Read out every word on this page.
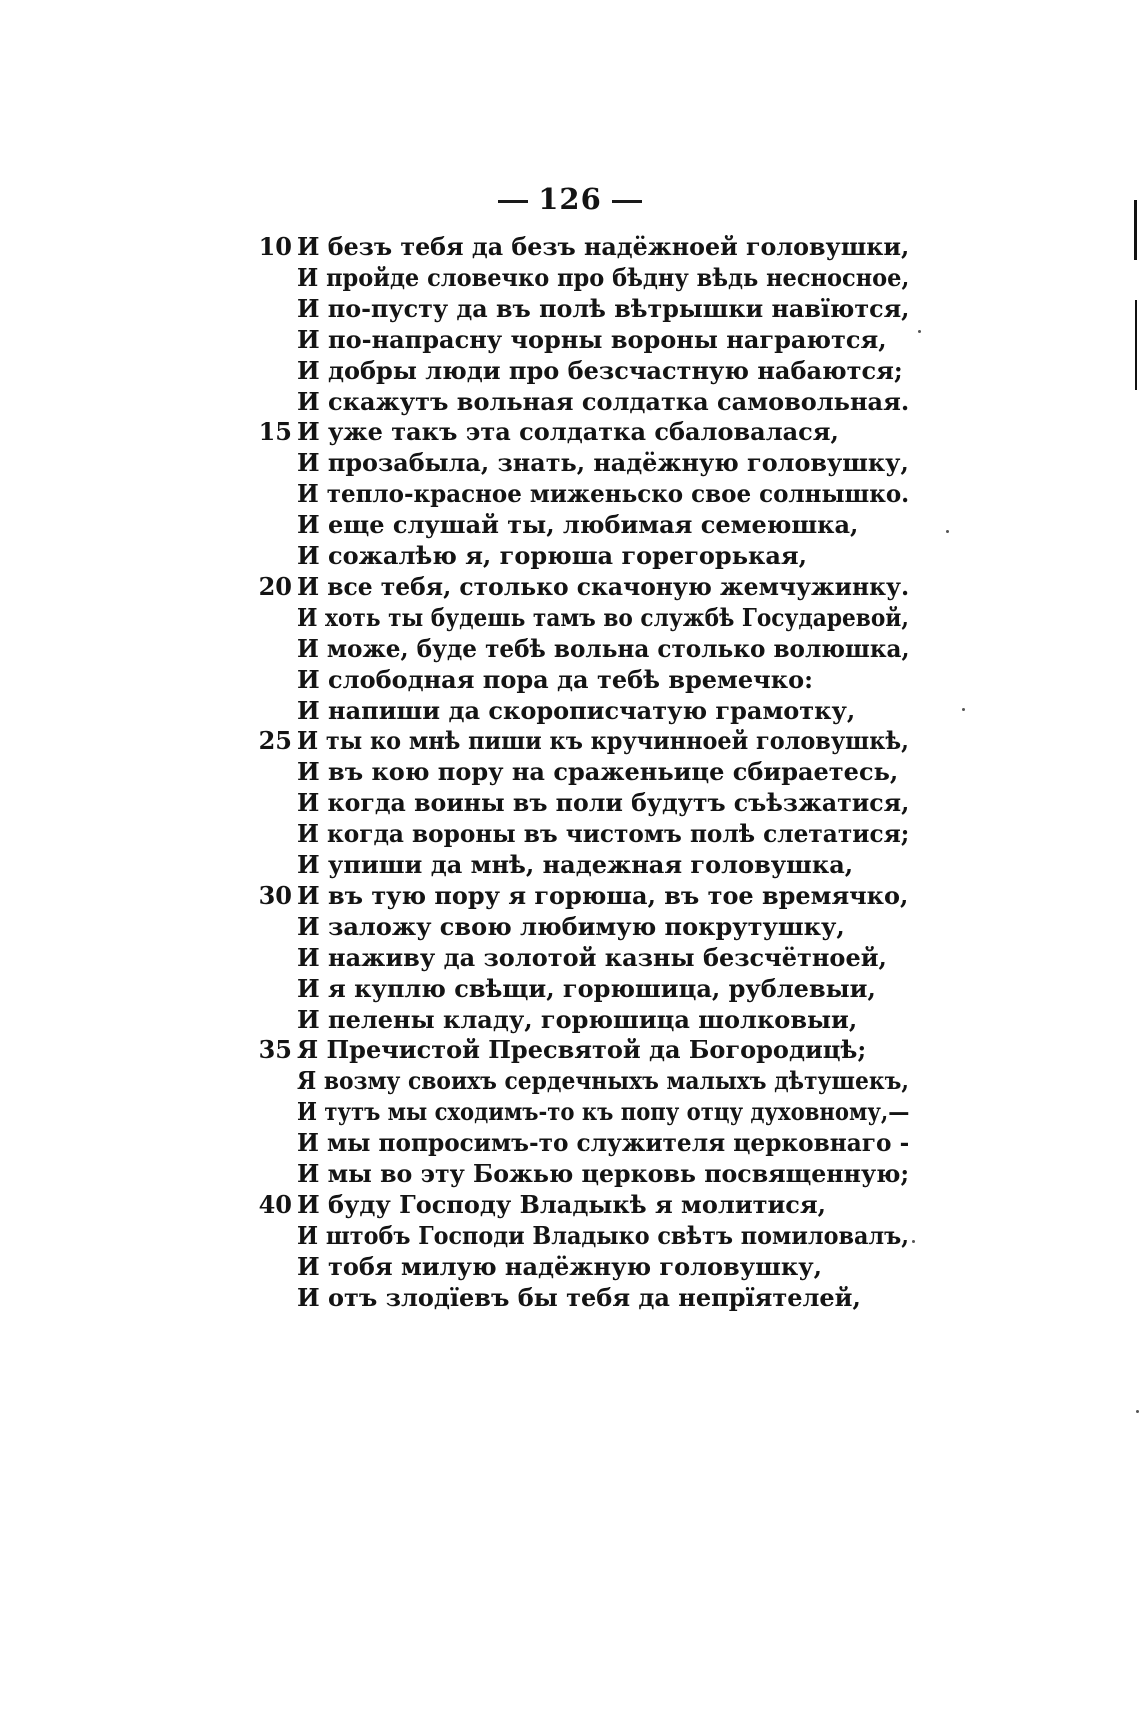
126
10 И безъ тебя да безъ надёжноей головушки,
И пройде словечко про бѣдну вѣдь несносное,
И по-пусту да въ полѣ вѣтрышки навїются,
И по-напрасну чорны вороны награются,
И добры люди про безсчастную набаются;
И скажутъ вольная солдатка самовольная.
15 И уже такъ эта солдатка сбаловалася,
И прозабыла, знать, надёжную головушку,
И тепло-красное миженьско свое солнышко.
И еще слушай ты, любимая семеюшка,
И сожалѣю я, горюша горегорькая,
20 И все тебя, столько скачоную жемчужинку.
И хоть ты будешь тамъ во службѣ Государевой,
И може, буде тебѣ вольна столько волюшка,
И слободная пора да тебѣ времечко:
И напиши да скорописчатую грамотку,
25 И ты ко мнѣ пиши къ кручинноей головушкѣ,
И въ кою пору на сраженьице сбираетесь,
И когда воины въ поли будутъ съѣзжатися,
И когда вороны въ чистомъ полѣ слетатися;
И упиши да мнѣ, надежная головушка,
30 И въ тую пору я горюша, въ тое времячко,
И заложу свою любимую покрутушку,
И наживу да золотой казны безсчётноей,
И я куплю свѣщи, горюшица, рублевыи,
И пелены кладу, горюшица шолковыи,
35 Я Пречистой Пресвятой да Богородицѣ;
Я возму своихъ сердечныхъ малыхъ дѣтушекъ,
И тутъ мы сходимъ-то къ попу отцу духовному,—
И мы попросимъ-то служителя церковнаго -
И мы во эту Божью церковь посвященную;
40 И буду Господу Владыкѣ я молитися,
И штобъ Господи Владыко свѣтъ помиловалъ,
И тобя милую надёжную головушку,
И отъ злодїевъ бы тебя да непрїятелей,
